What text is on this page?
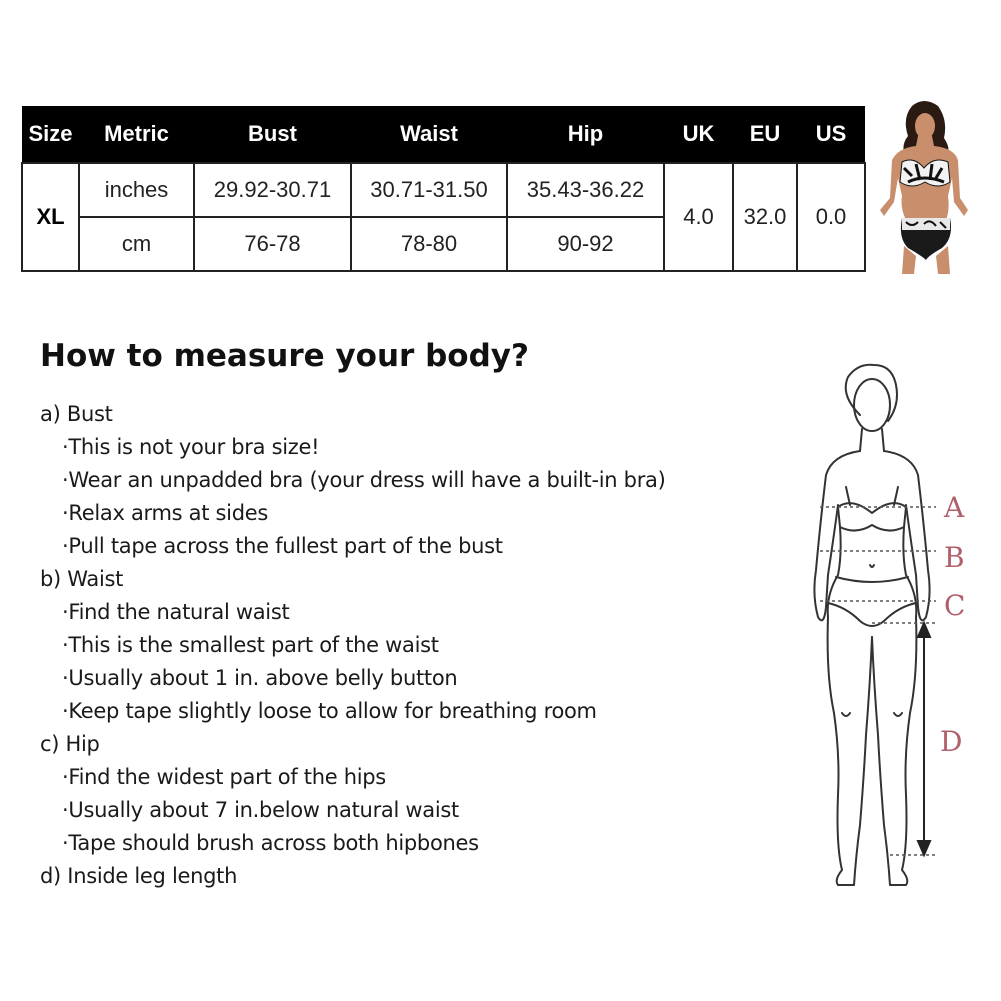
Size	Metric	Bust	Waist	Hip	UK	EU	US
XL	inches	29.92-30.71	30.71-31.50	35.43-36.22	4.0	32.0	0.0
	cm	76-78	78-80	90-92			
How to measure your body?
a) Bust
·This is not your bra size!
·Wear an unpadded bra (your dress will have a built-in bra)
·Relax arms at sides
·Pull tape across the fullest part of the bust
b) Waist
·Find the natural waist
·This is the smallest part of the waist
·Usually about 1 in. above belly button
·Keep tape slightly loose to allow for breathing room
c) Hip
·Find the widest part of the hips
·Usually about 7 in.below natural waist
·Tape should brush across both hipbones
d) Inside leg length
A
B
C
D
